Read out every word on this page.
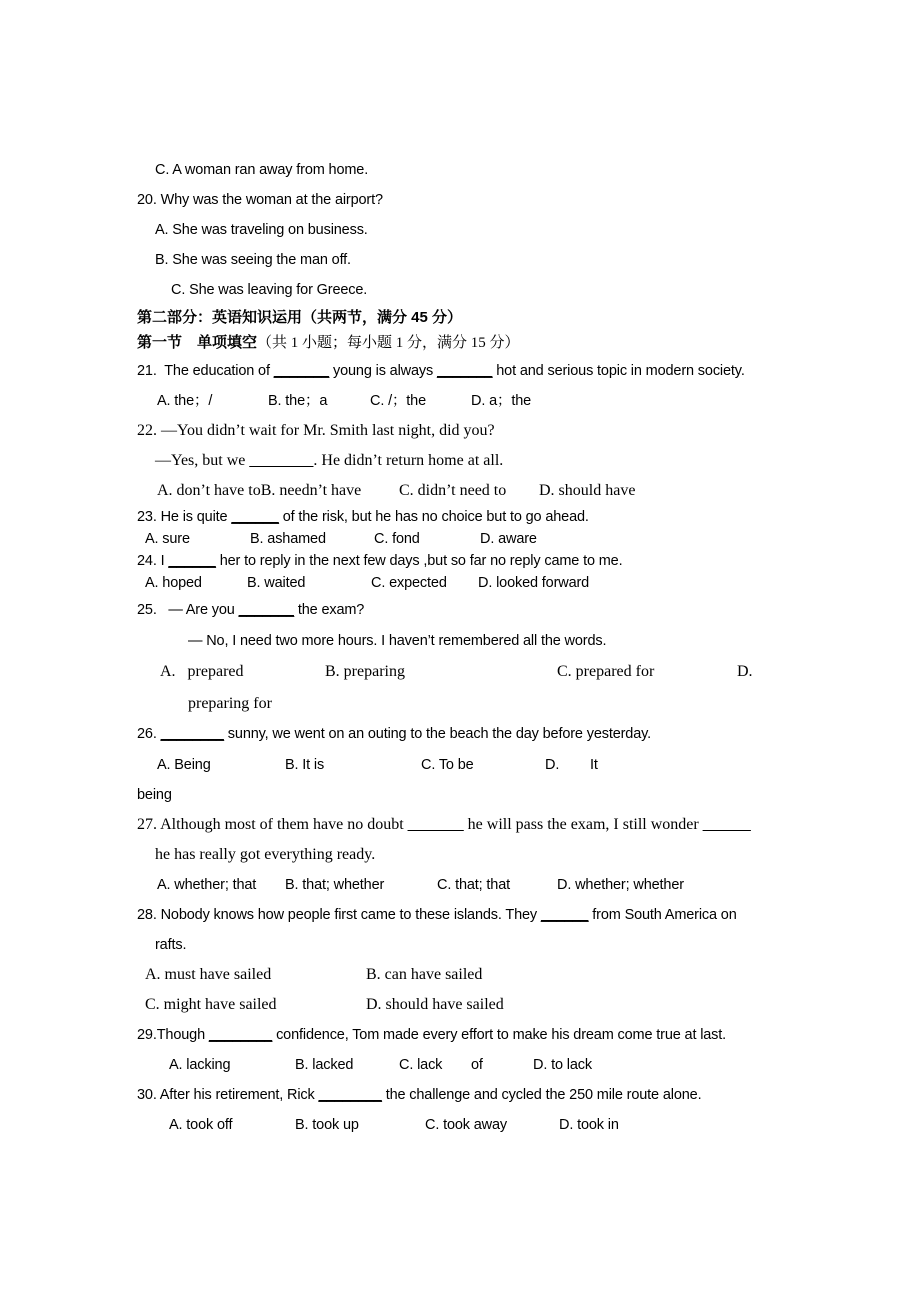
C. A woman ran away from home.
20. Why was the woman at the airport?
A. She was traveling on business.
B. She was seeing the man off.
C. She was leaving for Greece.
第二部分：英语知识运用（共两节，满分 45 分）
第一节　单项填空（共 1 小题；每小题 1 分，满分 15 分）
21.  The education of _______ young is always _______ hot and serious topic in modern society.

A. the；/

	B. the；a

	C. /；the

	D. a；the

22. —You didn’t wait for Mr. Smith last night, did you?
—Yes, but we ________. He didn’t return home at all.

A. don’t have toB. needn’t have

C. didn’t need to

D. should have

23. He is quite ______ of the risk, but he has no choice but to go ahead.

A. sure

	B. ashamed

	C. fond

	D. aware

24. I ______ her to reply in the next few days ,but so far no reply came to me.

A. hoped

	B. waited

	C. expected

D. looked forward

25.   — Are you _______ the exam?
— No, I need two more hours. I haven’t remembered all the words.

A.   prepared

	B. preparing

	C. prepared for

	D.

preparing for
26. ________ sunny, we went on an outing to the beach the day before yesterday.

A. Being

	B. It is

	C. To be

	D.

It

being
27. Although most of them have no doubt _______ he will pass the exam, I still wonder ______
he has really got everything ready.

A. whether; that

B. that; whether

	C. that; that

	D. whether; whether

28. Nobody knows how people first came to these islands. They ______ from South America on
rafts.

A. must have sailed

	B. can have sailed

C. might have sailed

	D. should have sailed

29.Though ________ confidence, Tom made every effort to make his dream come true at last.

A. lacking

	B. lacked

	C. lack

of

	D. to lack

30. After his retirement, Rick ________ the challenge and cycled the 250 mile route alone.

A. took off

	B. took up

	C. took away

	D. took in
